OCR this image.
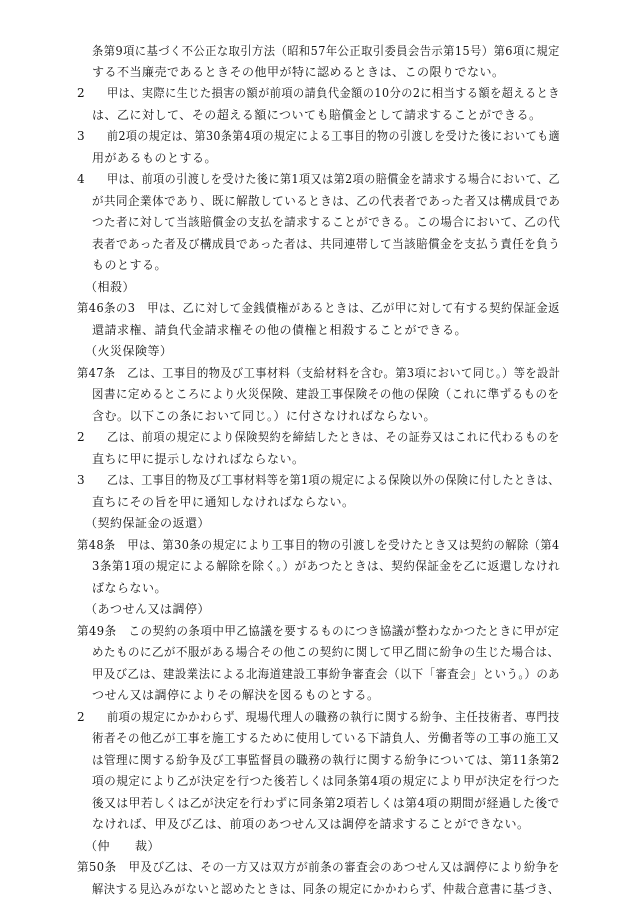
条第9項に基づく不公正な取引方法（昭和57年公正取引委員会告示第15号）第6項に規定
する不当廉売であるときその他甲が特に認めるときは、この限りでない。
2 甲は、実際に生じた損害の額が前項の請負代金額の10分の2に相当する額を超えるとき
は、乙に対して、その超える額についても賠償金として請求することができる。
3 前2項の規定は、第30条第4項の規定による工事目的物の引渡しを受けた後においても適
用があるものとする。
4 甲は、前項の引渡しを受けた後に第1項又は第2項の賠償金を請求する場合において、乙
が共同企業体であり、既に解散しているときは、乙の代表者であった者又は構成員であ
つた者に対して当該賠償金の支払を請求することができる。この場合において、乙の代
表者であった者及び構成員であった者は、共同連帯して当該賠償金を支払う責任を負う
ものとする。
（相殺）
第46条の3　甲は、乙に対して金銭債権があるときは、乙が甲に対して有する契約保証金返
還請求権、請負代金請求権その他の債権と相殺することができる。
（火災保険等）
第47条　乙は、工事目的物及び工事材料（支給材料を含む。第3項において同じ。）等を設計
図書に定めるところにより火災保険、建設工事保険その他の保険（これに準ずるものを
含む。以下この条において同じ。）に付さなければならない。
2 乙は、前項の規定により保険契約を締結したときは、その証券又はこれに代わるものを
直ちに甲に提示しなければならない。
3 乙は、工事目的物及び工事材料等を第1項の規定による保険以外の保険に付したときは、
直ちにその旨を甲に通知しなければならない。
（契約保証金の返還）
第48条　甲は、第30条の規定により工事目的物の引渡しを受けたとき又は契約の解除（第4
3条第1項の規定による解除を除く。）があつたときは、契約保証金を乙に返還しなけれ
ばならない。
（あつせん又は調停）
第49条　この契約の条項中甲乙協議を要するものにつき協議が整わなかつたときに甲が定
めたものに乙が不服がある場合その他この契約に関して甲乙間に紛争の生じた場合は、
甲及び乙は、建設業法による北海道建設工事紛争審査会（以下「審査会」という。）のあ
つせん又は調停によりその解決を図るものとする。
2 前項の規定にかかわらず、現場代理人の職務の執行に関する紛争、主任技術者、専門技
術者その他乙が工事を施工するために使用している下請負人、労働者等の工事の施工又
は管理に関する紛争及び工事監督員の職務の執行に関する紛争については、第11条第2
項の規定により乙が決定を行つた後若しくは同条第4項の規定により甲が決定を行つた
後又は甲若しくは乙が決定を行わずに同条第2項若しくは第4項の期間が経過した後で
なければ、甲及び乙は、前項のあつせん又は調停を請求することができない。
（仲　　裁）
第50条　甲及び乙は、その一方又は双方が前条の審査会のあつせん又は調停により紛争を
解決する見込みがないと認めたときは、同条の規定にかかわらず、仲裁合意書に基づき、
